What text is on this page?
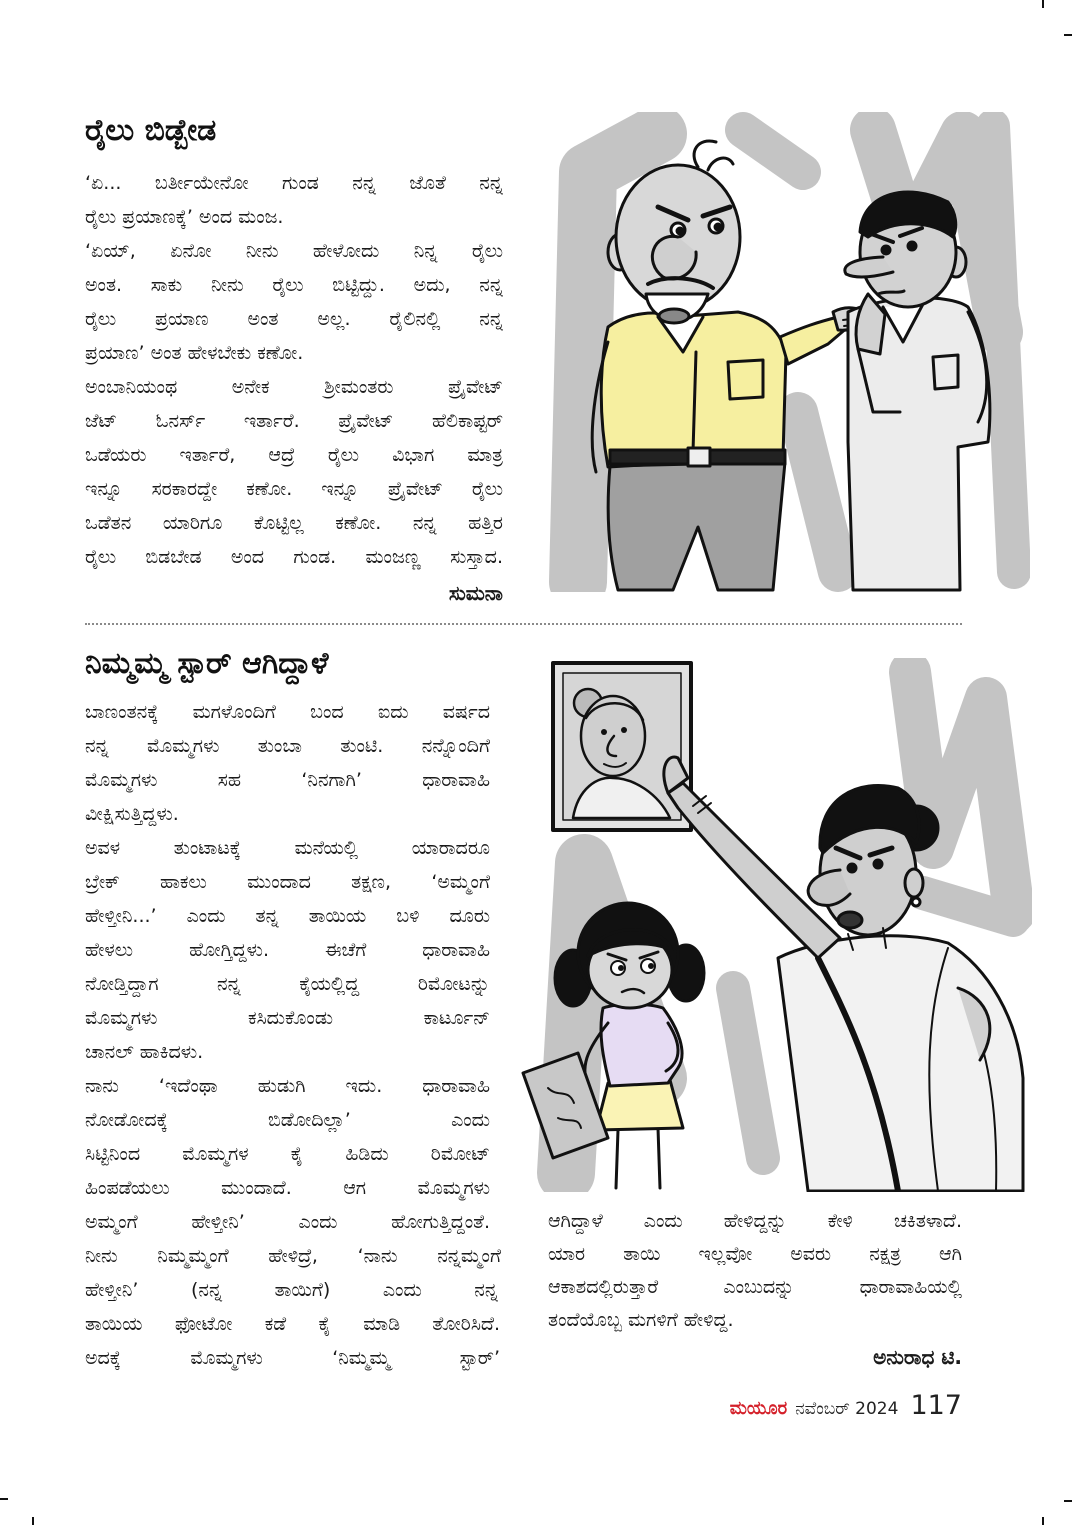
ರೈಲು ಬಿಡ್ಬೇಡ
‘ಏ... ಬರ್ತೀಯೇನೋ ಗುಂಡ ನನ್ನ ಜೊತೆ ನನ್ನ
ರೈಲು ಪ್ರಯಾಣಕ್ಕೆ’ ಅಂದ ಮಂಜ.
‘ಏಯ್, ಏನೋ ನೀನು ಹೇಳೋದು ನಿನ್ನ ರೈಲು
ಅಂತ. ಸಾಕು ನೀನು ರೈಲು ಬಿಟ್ಟಿದ್ದು. ಅದು, ನನ್ನ
ರೈಲು ಪ್ರಯಾಣ ಅಂತ ಅಲ್ಲ. ರೈಲಿನಲ್ಲಿ ನನ್ನ
ಪ್ರಯಾಣ’ ಅಂತ ಹೇಳಬೇಕು ಕಣೋ.
ಅಂಬಾನಿಯಂಥ ಅನೇಕ ಶ್ರೀಮಂತರು ಪ್ರೈವೇಟ್
ಜೆಟ್ ಓನರ್ಸ್ ಇರ್ತಾರೆ. ಪ್ರೈವೇಟ್ ಹೆಲಿಕಾಪ್ಟರ್
ಒಡೆಯರು ಇರ್ತಾರೆ, ಆದ್ರೆ ರೈಲು ವಿಭಾಗ ಮಾತ್ರ
ಇನ್ನೂ ಸರಕಾರದ್ದೇ ಕಣೋ. ಇನ್ನೂ ಪ್ರೈವೇಟ್ ರೈಲು
ಒಡೆತನ ಯಾರಿಗೂ ಕೊಟ್ಟಿಲ್ಲ ಕಣೋ. ನನ್ನ ಹತ್ತಿರ
ರೈಲು ಬಿಡಬೇಡ ಅಂದ ಗುಂಡ. ಮಂಜಣ್ಣ ಸುಸ್ತಾದ.
ಸುಮನಾ
ನಿಮ್ಮಮ್ಮ ಸ್ಟಾರ್ ಆಗಿದ್ದಾಳೆ
ಬಾಣಂತನಕ್ಕೆ ಮಗಳೊಂದಿಗೆ ಬಂದ ಐದು ವರ್ಷದ
ನನ್ನ ಮೊಮ್ಮಗಳು ತುಂಬಾ ತುಂಟಿ. ನನ್ನೊಂದಿಗೆ
ಮೊಮ್ಮಗಳು ಸಹ ‘ನಿನಗಾಗಿ’ ಧಾರಾವಾಹಿ
ವೀಕ್ಷಿಸುತ್ತಿದ್ದಳು.
ಅವಳ ತುಂಟಾಟಕ್ಕೆ ಮನೆಯಲ್ಲಿ ಯಾರಾದರೂ
ಬ್ರೇಕ್ ಹಾಕಲು ಮುಂದಾದ ತಕ್ಷಣ, ‘ಅಮ್ಮಂಗೆ
ಹೇಳ್ತೀನಿ...’ ಎಂದು ತನ್ನ ತಾಯಿಯ ಬಳಿ ದೂರು
ಹೇಳಲು ಹೋಗ್ತಿದ್ದಳು. ಈಚೆಗೆ ಧಾರಾವಾಹಿ
ನೋಡ್ತಿದ್ದಾಗ ನನ್ನ ಕೈಯಲ್ಲಿದ್ದ ರಿಮೋಟನ್ನು
ಮೊಮ್ಮಗಳು ಕಸಿದುಕೊಂಡು ಕಾರ್ಟೂನ್
ಚಾನಲ್ ಹಾಕಿದಳು.
ನಾನು ‘ಇದೆಂಥಾ ಹುಡುಗಿ ಇದು. ಧಾರಾವಾಹಿ
ನೋಡೋದಕ್ಕೆ ಬಿಡೋದಿಲ್ಲಾ’ ಎಂದು
ಸಿಟ್ಟಿನಿಂದ ಮೊಮ್ಮಗಳ ಕೈ ಹಿಡಿದು ರಿಮೋಟ್
ಹಿಂಪಡೆಯಲು ಮುಂದಾದೆ. ಆಗ ಮೊಮ್ಮಗಳು
ಅಮ್ಮಂಗೆ ಹೇಳ್ತೀನಿ’ ಎಂದು ಹೋಗುತ್ತಿದ್ದಂತೆ.
ನೀನು ನಿಮ್ಮಮ್ಮಂಗೆ ಹೇಳಿದ್ರೆ, ‘ನಾನು ನನ್ನಮ್ಮಂಗೆ
ಹೇಳ್ತೀನಿ’ (ನನ್ನ ತಾಯಿಗೆ) ಎಂದು ನನ್ನ
ತಾಯಿಯ ಫೋಟೋ ಕಡೆ ಕೈ ಮಾಡಿ ತೋರಿಸಿದೆ.
ಅದಕ್ಕೆ ಮೊಮ್ಮಗಳು ‘ನಿಮ್ಮಮ್ಮ ಸ್ಟಾರ್’
ಆಗಿದ್ದಾಳೆ ಎಂದು ಹೇಳಿದ್ದನ್ನು ಕೇಳಿ ಚಕಿತಳಾದೆ.
ಯಾರ ತಾಯಿ ಇಲ್ಲವೋ ಅವರು ನಕ್ಷತ್ರ ಆಗಿ
ಆಕಾಶದಲ್ಲಿರುತ್ತಾರೆ ಎಂಬುದನ್ನು ಧಾರಾವಾಹಿಯಲ್ಲಿ
ತಂದೆಯೊಬ್ಬ ಮಗಳಿಗೆ ಹೇಳಿದ್ದ.
ಅನುರಾಧ ಟಿ.
ಮಯೂರ ನವೆಂಬರ್ 2024 117
